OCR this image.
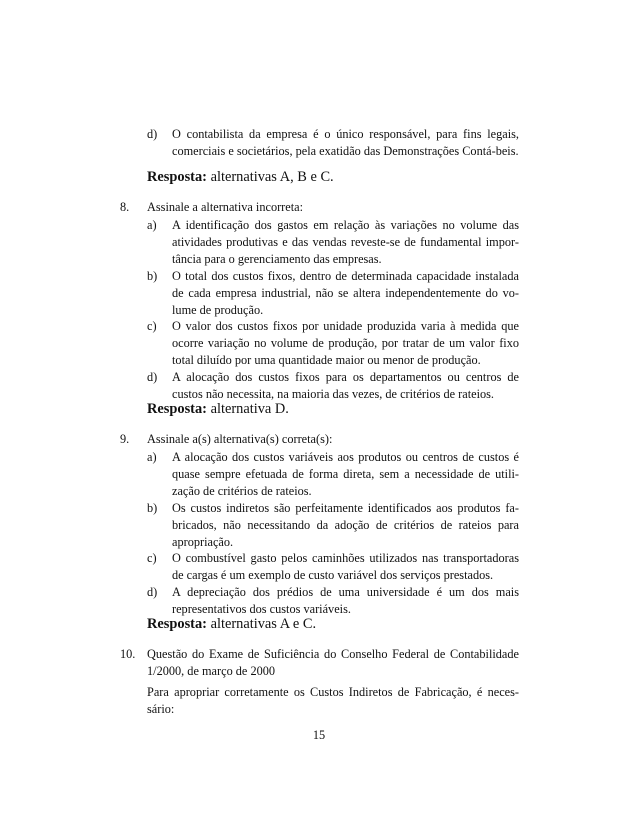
d) O contabilista da empresa é o único responsável, para fins legais, comerciais e societários, pela exatidão das Demonstrações Contá-beis.

Resposta: alternativas A, B e C.
8. Assinale a alternativa incorreta:

a) A identificação dos gastos em relação às variações no volume das atividades produtivas e das vendas reveste-se de fundamental impor-tância para o gerenciamento das empresas.

b) O total dos custos fixos, dentro de determinada capacidade instalada de cada empresa industrial, não se altera independentemente do vo-lume de produção.

c) O valor dos custos fixos por unidade produzida varia à medida que ocorre variação no volume de produção, por tratar de um valor fixo total diluído por uma quantidade maior ou menor de produção.

d) A alocação dos custos fixos para os departamentos ou centros de custos não necessita, na maioria das vezes, de critérios de rateios.

Resposta: alternativa D.
9. Assinale a(s) alternativa(s) correta(s):

a) A alocação dos custos variáveis aos produtos ou centros de custos é quase sempre efetuada de forma direta, sem a necessidade de utili-zação de critérios de rateios.

b) Os custos indiretos são perfeitamente identificados aos produtos fa-bricados, não necessitando da adoção de critérios de rateios para apropriação.

c) O combustível gasto pelos caminhões utilizados nas transportadoras de cargas é um exemplo de custo variável dos serviços prestados.

d) A depreciação dos prédios de uma universidade é um dos mais representativos dos custos variáveis.

Resposta: alternativas A e C.
10. Questão do Exame de Suficiência do Conselho Federal de Contabilidade 1/2000, de março de 2000

Para apropriar corretamente os Custos Indiretos de Fabricação, é neces-sário:

15
